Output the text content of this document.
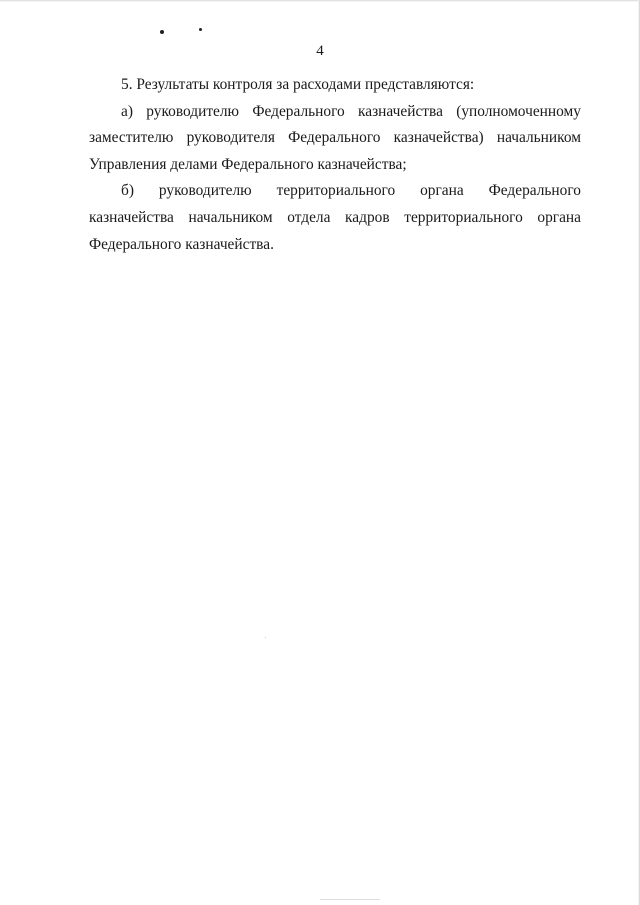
4

5. Результаты контроля за расходами представляются:

а) руководителю Федерального казначейства (уполномоченному заместителю руководителя Федерального казначейства) начальником Управления делами Федерального казначейства;

б) руководителю территориального органа Федерального казначейства начальником отдела кадров территориального органа Федерального казначейства.
